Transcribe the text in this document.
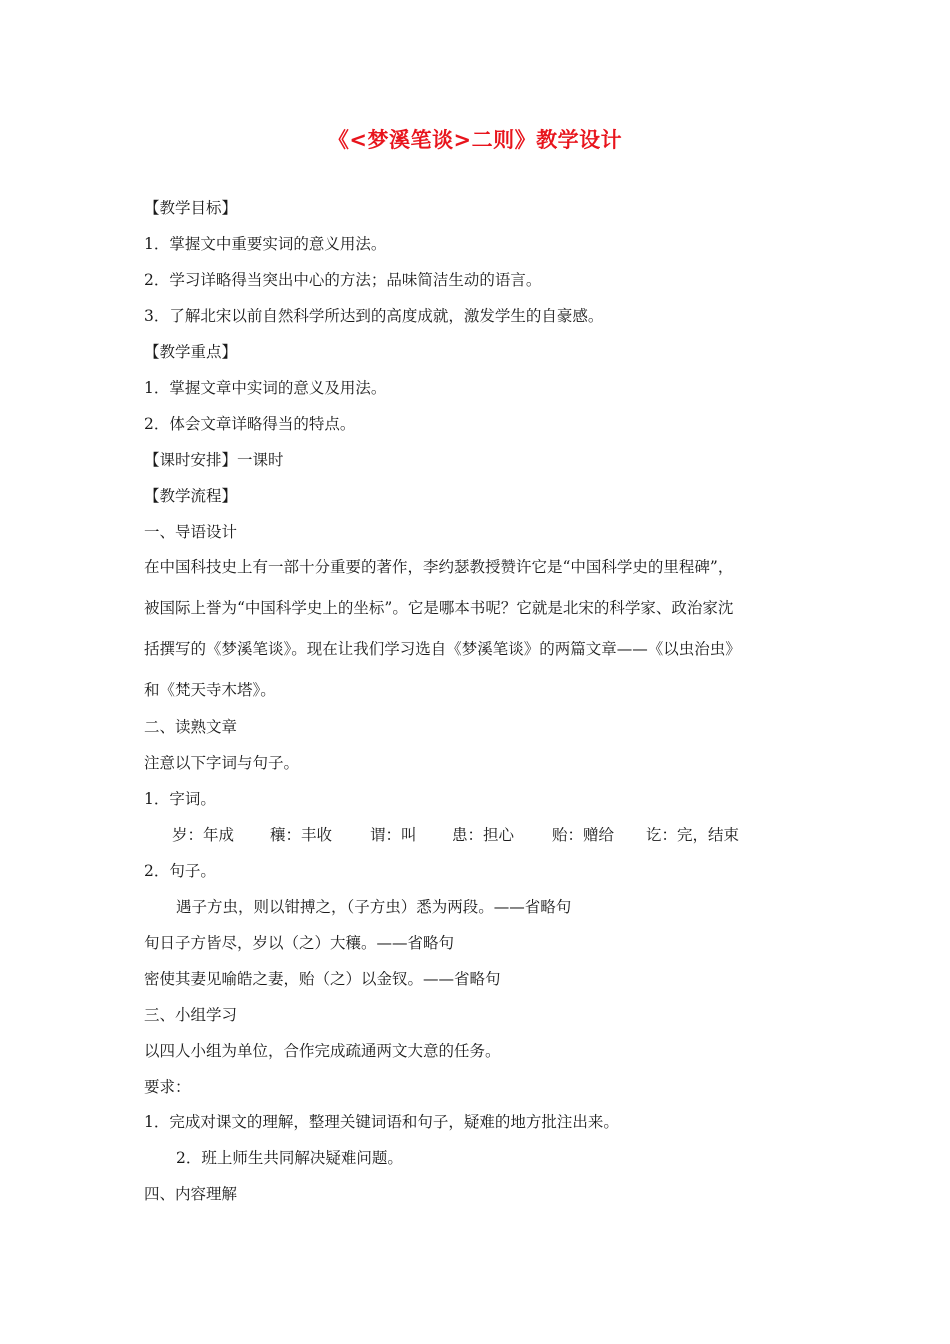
《<梦溪笔谈>二则》教学设计
【教学目标】
1．掌握文中重要实词的意义用法。
2．学习详略得当突出中心的方法；品味简洁生动的语言。
3．了解北宋以前自然科学所达到的高度成就，激发学生的自豪感。
【教学重点】
1．掌握文章中实词的意义及用法。
2．体会文章详略得当的特点。
【课时安排】一课时
【教学流程】
一、导语设计
在中国科技史上有一部十分重要的著作，李约瑟教授赞许它是“中国科学史的里程碑”，
被国际上誉为“中国科学史上的坐标”。它是哪本书呢？它就是北宋的科学家、政治家沈
括撰写的《梦溪笔谈》。现在让我们学习选自《梦溪笔谈》的两篇文章——《以虫治虫》
和《梵天寺木塔》。
二、读熟文章
注意以下字词与句子。
1．字词。
岁：年成 穰：丰收 谓：叫 患：担心 贻：赠给 讫：完，结束
2．句子。
遇子方虫，则以钳搏之，（子方虫）悉为两段。——省略句
旬日子方皆尽，岁以（之）大穰。——省略句
密使其妻见喻皓之妻，贻（之）以金钗。——省略句
三、小组学习
以四人小组为单位，合作完成疏通两文大意的任务。
要求：
1．完成对课文的理解，整理关键词语和句子，疑难的地方批注出来。
2．班上师生共同解决疑难问题。
四、内容理解
